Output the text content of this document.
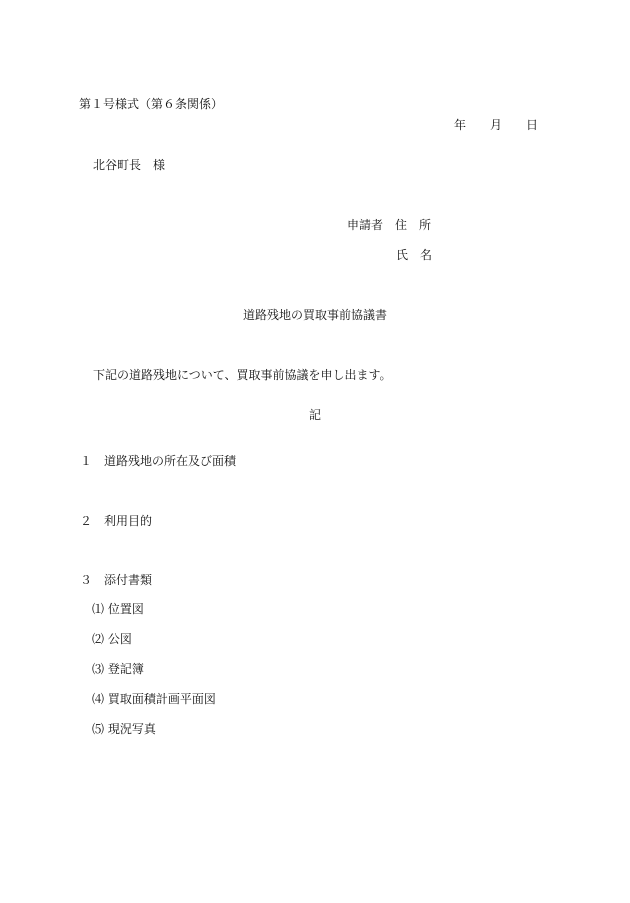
第１号様式（第６条関係）
年　　月　　日
北谷町長　様
申請者　住　所
氏　名
道路残地の買取事前協議書
下記の道路残地について、買取事前協議を申し出ます。
記
１　道路残地の所在及び面積
２　利用目的
３　添付書類
⑴ 位置図
⑵ 公図
⑶ 登記簿
⑷ 買取面積計画平面図
⑸ 現況写真
